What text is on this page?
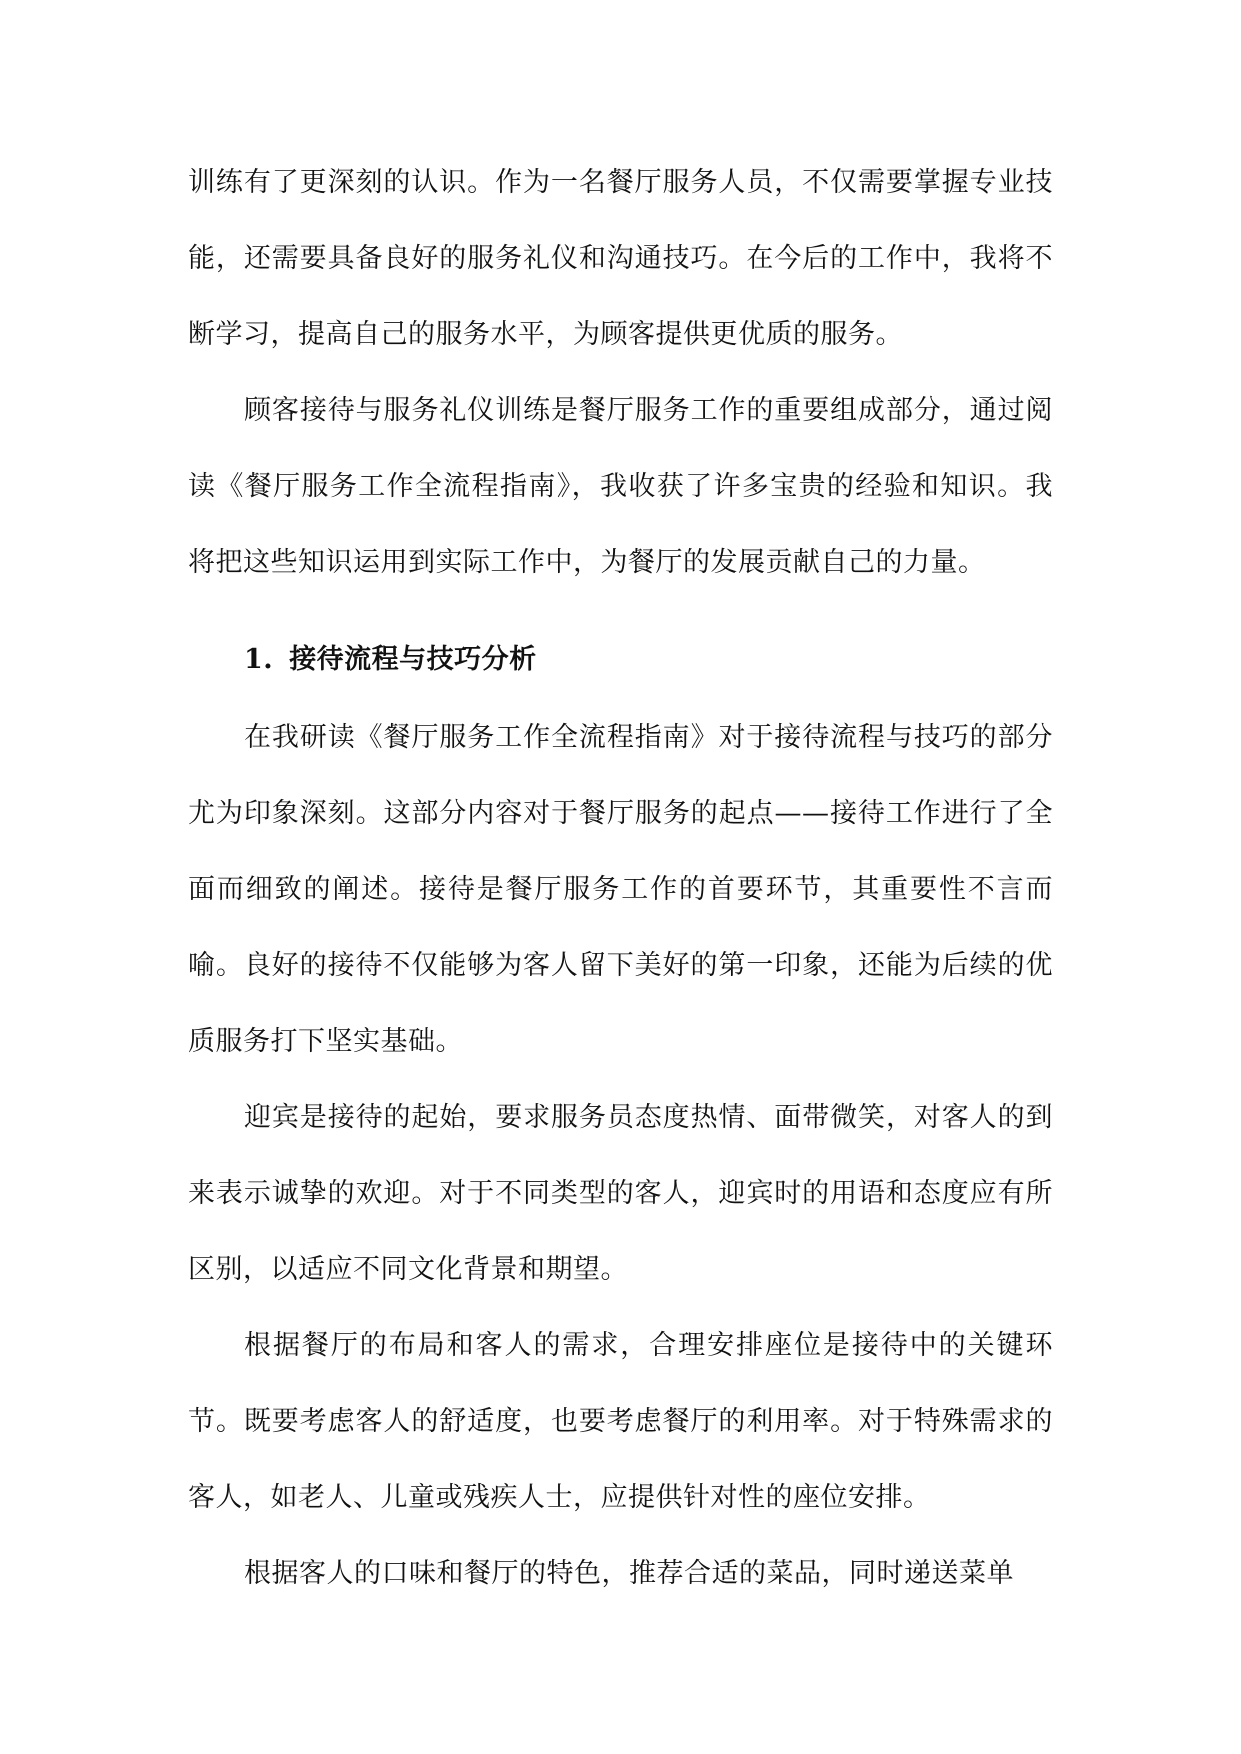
训练有了更深刻的认识。作为一名餐厅服务人员，不仅需要掌握专业技能，还需要具备良好的服务礼仪和沟通技巧。在今后的工作中，我将不断学习，提高自己的服务水平，为顾客提供更优质的服务。

顾客接待与服务礼仪训练是餐厅服务工作的重要组成部分，通过阅读《餐厅服务工作全流程指南》，我收获了许多宝贵的经验和知识。我将把这些知识运用到实际工作中，为餐厅的发展贡献自己的力量。

1. 接待流程与技巧分析

在我研读《餐厅服务工作全流程指南》对于接待流程与技巧的部分尤为印象深刻。这部分内容对于餐厅服务的起点——接待工作进行了全面而细致的阐述。接待是餐厅服务工作的首要环节，其重要性不言而喻。良好的接待不仅能够为客人留下美好的第一印象，还能为后续的优质服务打下坚实基础。

迎宾是接待的起始，要求服务员态度热情、面带微笑，对客人的到来表示诚挚的欢迎。对于不同类型的客人，迎宾时的用语和态度应有所区别，以适应不同文化背景和期望。

根据餐厅的布局和客人的需求，合理安排座位是接待中的关键环节。既要考虑客人的舒适度，也要考虑餐厅的利用率。对于特殊需求的客人，如老人、儿童或残疾人士，应提供针对性的座位安排。

根据客人的口味和餐厅的特色，推荐合适的菜品，同时递送菜单
